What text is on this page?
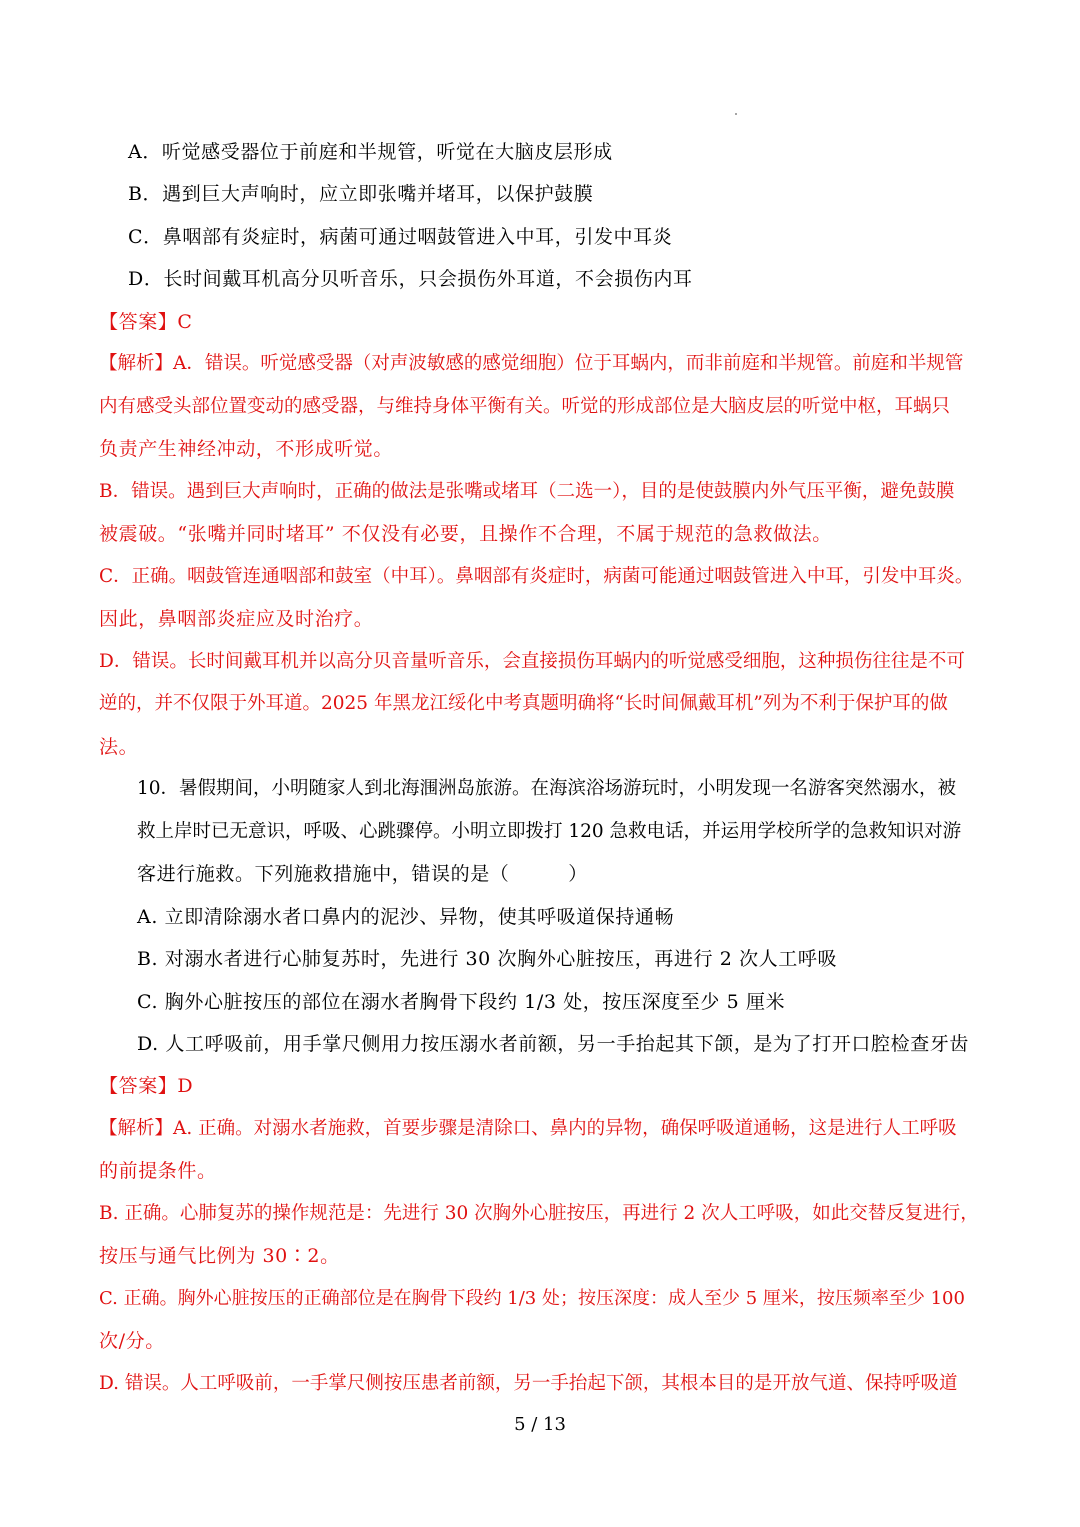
A．听觉感受器位于前庭和半规管，听觉在大脑皮层形成
B．遇到巨大声响时，应立即张嘴并堵耳，以保护鼓膜
C．鼻咽部有炎症时，病菌可通过咽鼓管进入中耳，引发中耳炎
D．长时间戴耳机高分贝听音乐，只会损伤外耳道，不会损伤内耳
【答案】C
【解析】A．错误。听觉感受器（对声波敏感的感觉细胞）位于耳蜗内，而非前庭和半规管。前庭和半规管
内有感受头部位置变动的感受器，与维持身体平衡有关。听觉的形成部位是大脑皮层的听觉中枢，耳蜗只
负责产生神经冲动，不形成听觉。
B．错误。遇到巨大声响时，正确的做法是张嘴或堵耳（二选一），目的是使鼓膜内外气压平衡，避免鼓膜
被震破。“张嘴并同时堵耳” 不仅没有必要，且操作不合理，不属于规范的急救做法。
C．正确。咽鼓管连通咽部和鼓室（中耳）。鼻咽部有炎症时，病菌可能通过咽鼓管进入中耳，引发中耳炎。
因此，鼻咽部炎症应及时治疗。
D．错误。长时间戴耳机并以高分贝音量听音乐，会直接损伤耳蜗内的听觉感受细胞，这种损伤往往是不可
逆的，并不仅限于外耳道。2025 年黑龙江绥化中考真题明确将“长时间佩戴耳机”列为不利于保护耳的做
法。
10．暑假期间，小明随家人到北海涠洲岛旅游。在海滨浴场游玩时，小明发现一名游客突然溺水，被
救上岸时已无意识，呼吸、心跳骤停。小明立即拨打 120 急救电话，并运用学校所学的急救知识对游
客进行施救。下列施救措施中，错误的是（　　　）
A. 立即清除溺水者口鼻内的泥沙、异物，使其呼吸道保持通畅
B. 对溺水者进行心肺复苏时，先进行 30 次胸外心脏按压，再进行 2 次人工呼吸
C. 胸外心脏按压的部位在溺水者胸骨下段约 1/3 处，按压深度至少 5 厘米
D. 人工呼吸前，用手掌尺侧用力按压溺水者前额，另一手抬起其下颌，是为了打开口腔检查牙齿
【答案】D
【解析】A. 正确。对溺水者施救，首要步骤是清除口、鼻内的异物，确保呼吸道通畅，这是进行人工呼吸
的前提条件。
B. 正确。心肺复苏的操作规范是：先进行 30 次胸外心脏按压，再进行 2 次人工呼吸，如此交替反复进行，
按压与通气比例为 30∶2。
C. 正确。胸外心脏按压的正确部位是在胸骨下段约 1/3 处；按压深度：成人至少 5 厘米，按压频率至少 100
次/分。
D. 错误。人工呼吸前，一手掌尺侧按压患者前额，另一手抬起下颌，其根本目的是开放气道、保持呼吸道
5 / 13
